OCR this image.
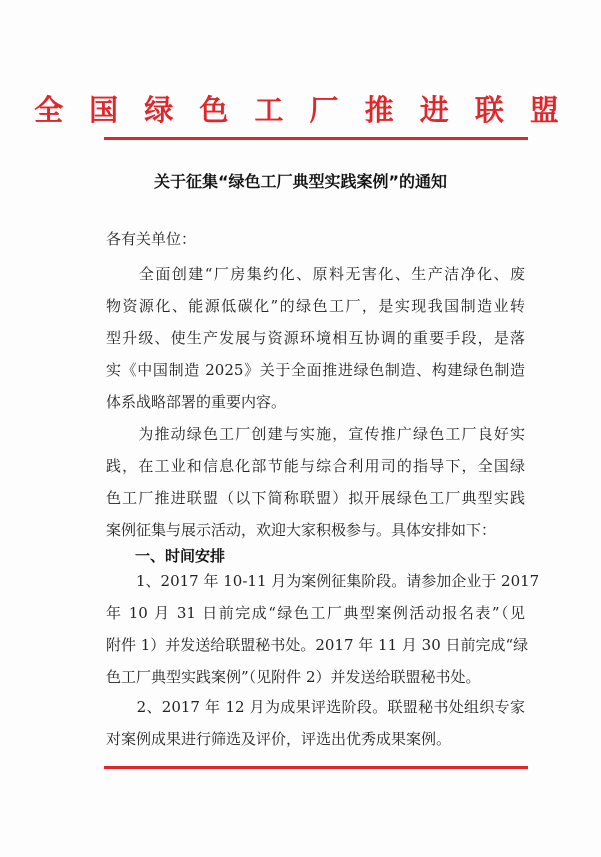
全 国 绿 色 工 厂 推 进 联 盟
关于征集“绿色工厂典型实践案例”的通知
各有关单位：
　　全面创建“厂房集约化、原料无害化、生产洁净化、废
物资源化、能源低碳化”的绿色工厂，是实现我国制造业转
型升级、使生产发展与资源环境相互协调的重要手段，是落
实《中国制造 2025》关于全面推进绿色制造、构建绿色制造
体系战略部署的重要内容。
　　为推动绿色工厂创建与实施，宣传推广绿色工厂良好实
践，在工业和信息化部节能与综合利用司的指导下，全国绿
色工厂推进联盟（以下简称联盟）拟开展绿色工厂典型实践
案例征集与展示活动，欢迎大家积极参与。具体安排如下：
一、时间安排
　　1、2017 年 10-11 月为案例征集阶段。请参加企业于 2017
年 10 月 31 日前完成“绿色工厂典型案例活动报名表”（见
附件 1）并发送给联盟秘书处。2017 年 11 月 30 日前完成“绿
色工厂典型实践案例”（见附件 2）并发送给联盟秘书处。
　　2、2017 年 12 月为成果评选阶段。联盟秘书处组织专家
对案例成果进行筛选及评价，评选出优秀成果案例。
